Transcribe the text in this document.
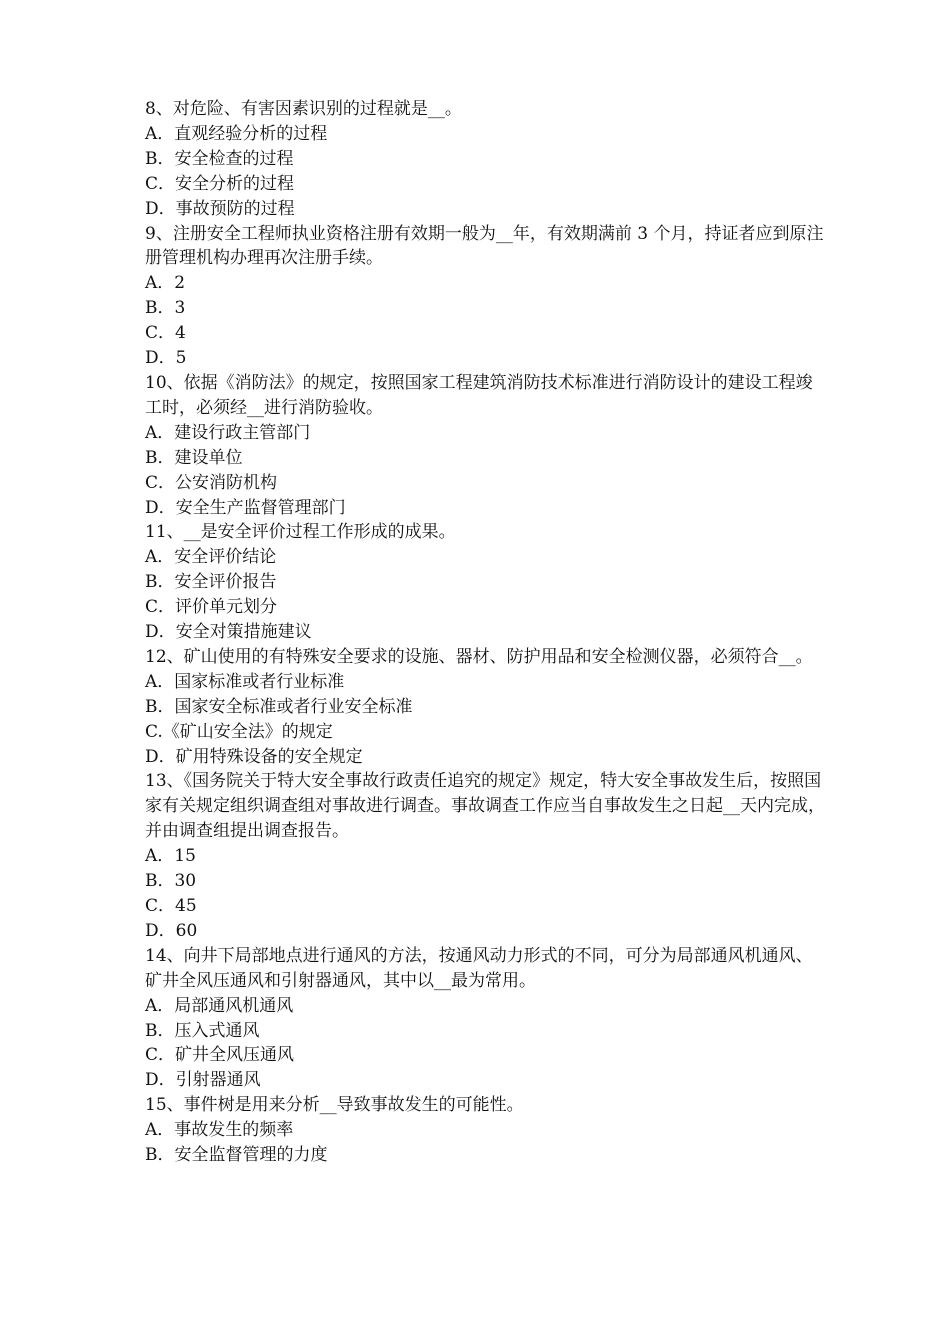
8、对危险、有害因素识别的过程就是__。

A．直观经验分析的过程

B．安全检查的过程

C．安全分析的过程

D．事故预防的过程

9、注册安全工程师执业资格注册有效期一般为__年，有效期满前 3 个月，持证者应到原注册管理机构办理再次注册手续。

A．2

B．3

C．4

D．5

10、依据《消防法》的规定，按照国家工程建筑消防技术标准进行消防设计的建设工程竣工时，必须经__进行消防验收。

A．建设行政主管部门

B．建设单位

C．公安消防机构

D．安全生产监督管理部门

11、__是安全评价过程工作形成的成果。

A．安全评价结论

B．安全评价报告

C．评价单元划分

D．安全对策措施建议

12、矿山使用的有特殊安全要求的设施、器材、防护用品和安全检测仪器，必须符合__。

A．国家标准或者行业标准

B．国家安全标准或者行业安全标准

C.《矿山安全法》的规定

D．矿用特殊设备的安全规定

13、《国务院关于特大安全事故行政责任追究的规定》规定，特大安全事故发生后，按照国家有关规定组织调查组对事故进行调查。事故调查工作应当自事故发生之日起__天内完成，并由调查组提出调查报告。

A．15

B．30

C．45

D．60

14、向井下局部地点进行通风的方法，按通风动力形式的不同，可分为局部通风机通风、矿井全风压通风和引射器通风，其中以__最为常用。

A．局部通风机通风

B．压入式通风

C．矿井全风压通风

D．引射器通风

15、事件树是用来分析__导致事故发生的可能性。

A．事故发生的频率

B．安全监督管理的力度
